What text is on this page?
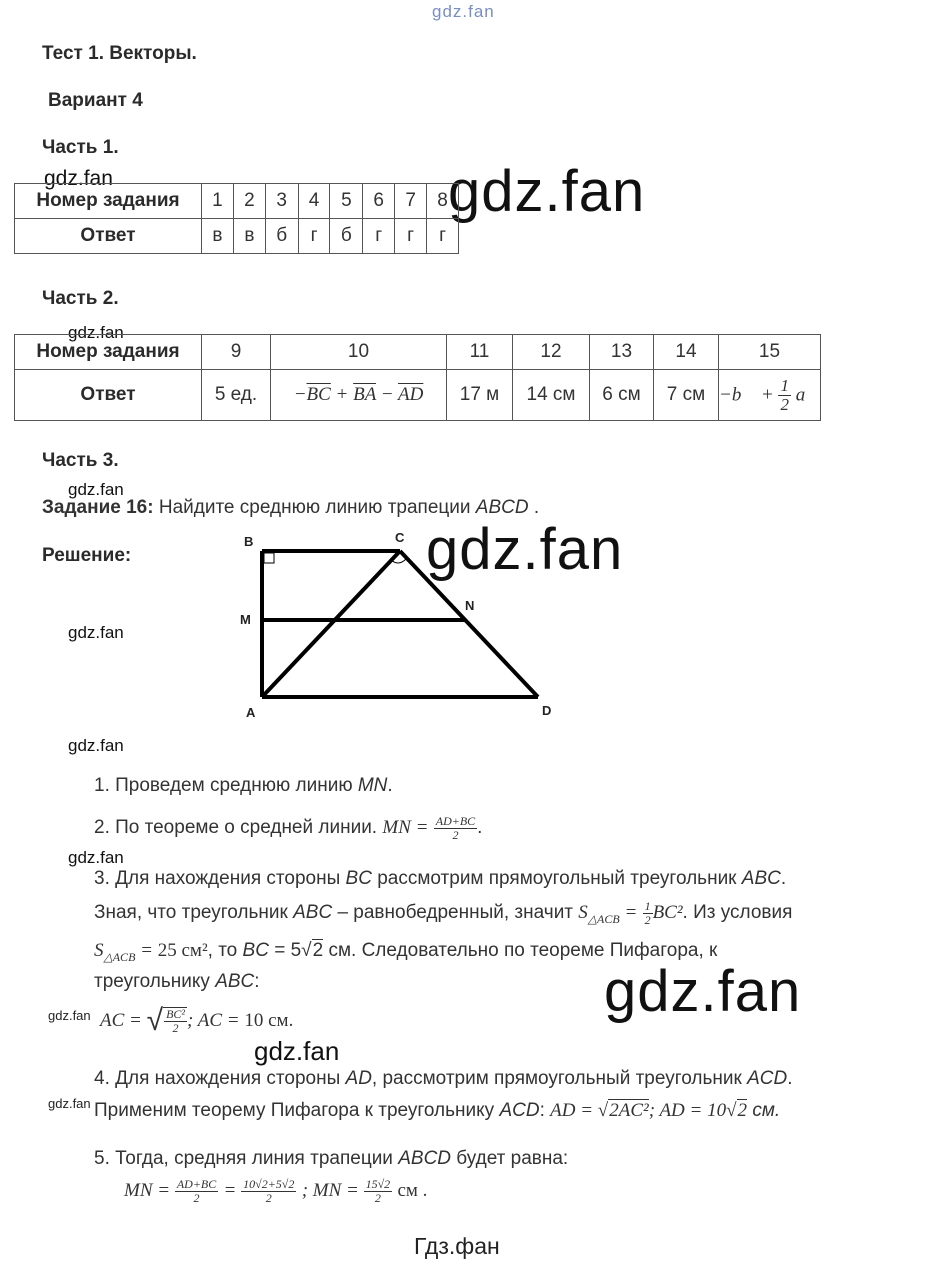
gdz.fan
gdz.fan
gdz.fan
gdz.fan
gdz.fan
gdz.fan
gdz.fan
gdz.fan
gdz.fan
gdz.fan
gdz.fan
gdz.fan
gdz.fan
Гдз.фан
Тест 1. Векторы.
Вариант 4
Часть 1.
Номер задания	1	2	3	4	5	6	7	8
Ответ	в	в	б	г	б	г	г	г
Часть 2.
Номер задания	9	10	11	12	13	14	15
Ответ	5 ед.	$-\overline{BC} + \overline{BA} - \overline{AD}$	17 м	14 см	6 см	7 см	−b⃗ + $\frac{1}{2}$ a⃗
Часть 3.
Задание 16: Найдите среднюю линию трапеции ABCD .
Решение:
B	C
M
N
A	D
1. Проведем среднюю линию MN.
2. По теореме о средней линии. MN = $\frac{AD+BC}{2}$ .
3. Для нахождения стороны BC рассмотрим прямоугольный треугольник ABC.
Зная, что треугольник ABC – равнобедренный, значит $S_{\triangle ACB} = \frac{1}{2} BC^2$. Из условия
$S_{\triangle ACB} = 25$ см², то BC = 5√2 см. Следовательно по теореме Пифагора, к
треугольнику ABC:
AC = √ $\frac{\text{BC²}}{2}$ ; AC = 10 см.
4. Для нахождения стороны AD, рассмотрим прямоугольный треугольник ACD.
Применим теорему Пифагора к треугольнику ACD: AD = √2AC²; AD = 10√2 см.
5. Тогда, средняя линия трапеции ABCD будет равна:
MN = $\frac{AD+BC}{2} = \frac{10√2+5√2}{2}$ ; MN = $\frac{15√2}{2}$ см .
